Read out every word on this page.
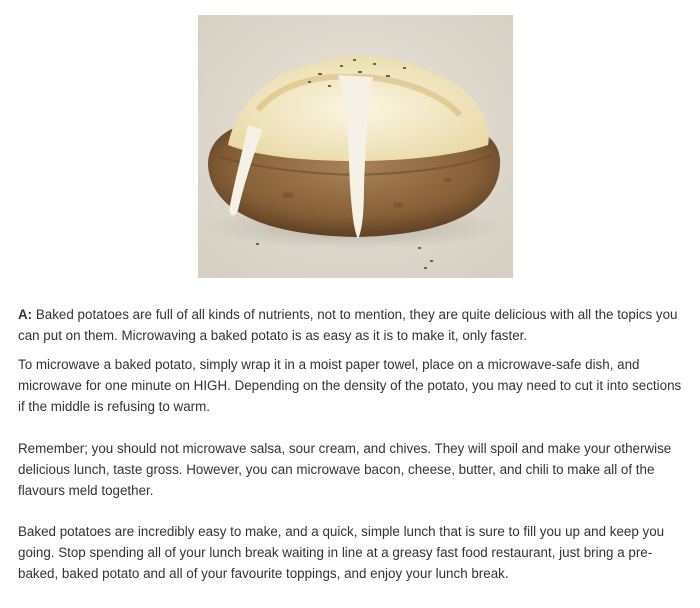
A: Baked potatoes are full of all kinds of nutrients, not to mention, they are quite delicious with all the topics you can put on them. Microwaving a baked potato is as easy as it is to make it, only faster.

To microwave a baked potato, simply wrap it in a moist paper towel, place on a microwave-safe dish, and microwave for one minute on HIGH. Depending on the density of the potato, you may need to cut it into sections if the middle is refusing to warm.

Remember; you should not microwave salsa, sour cream, and chives. They will spoil and make your otherwise delicious lunch, taste gross. However, you can microwave bacon, cheese, butter, and chili to make all of the flavours meld together.

Baked potatoes are incredibly easy to make, and a quick, simple lunch that is sure to fill you up and keep you going. Stop spending all of your lunch break waiting in line at a greasy fast food restaurant, just bring a pre-baked, baked potato and all of your favourite toppings, and enjoy your lunch break.
